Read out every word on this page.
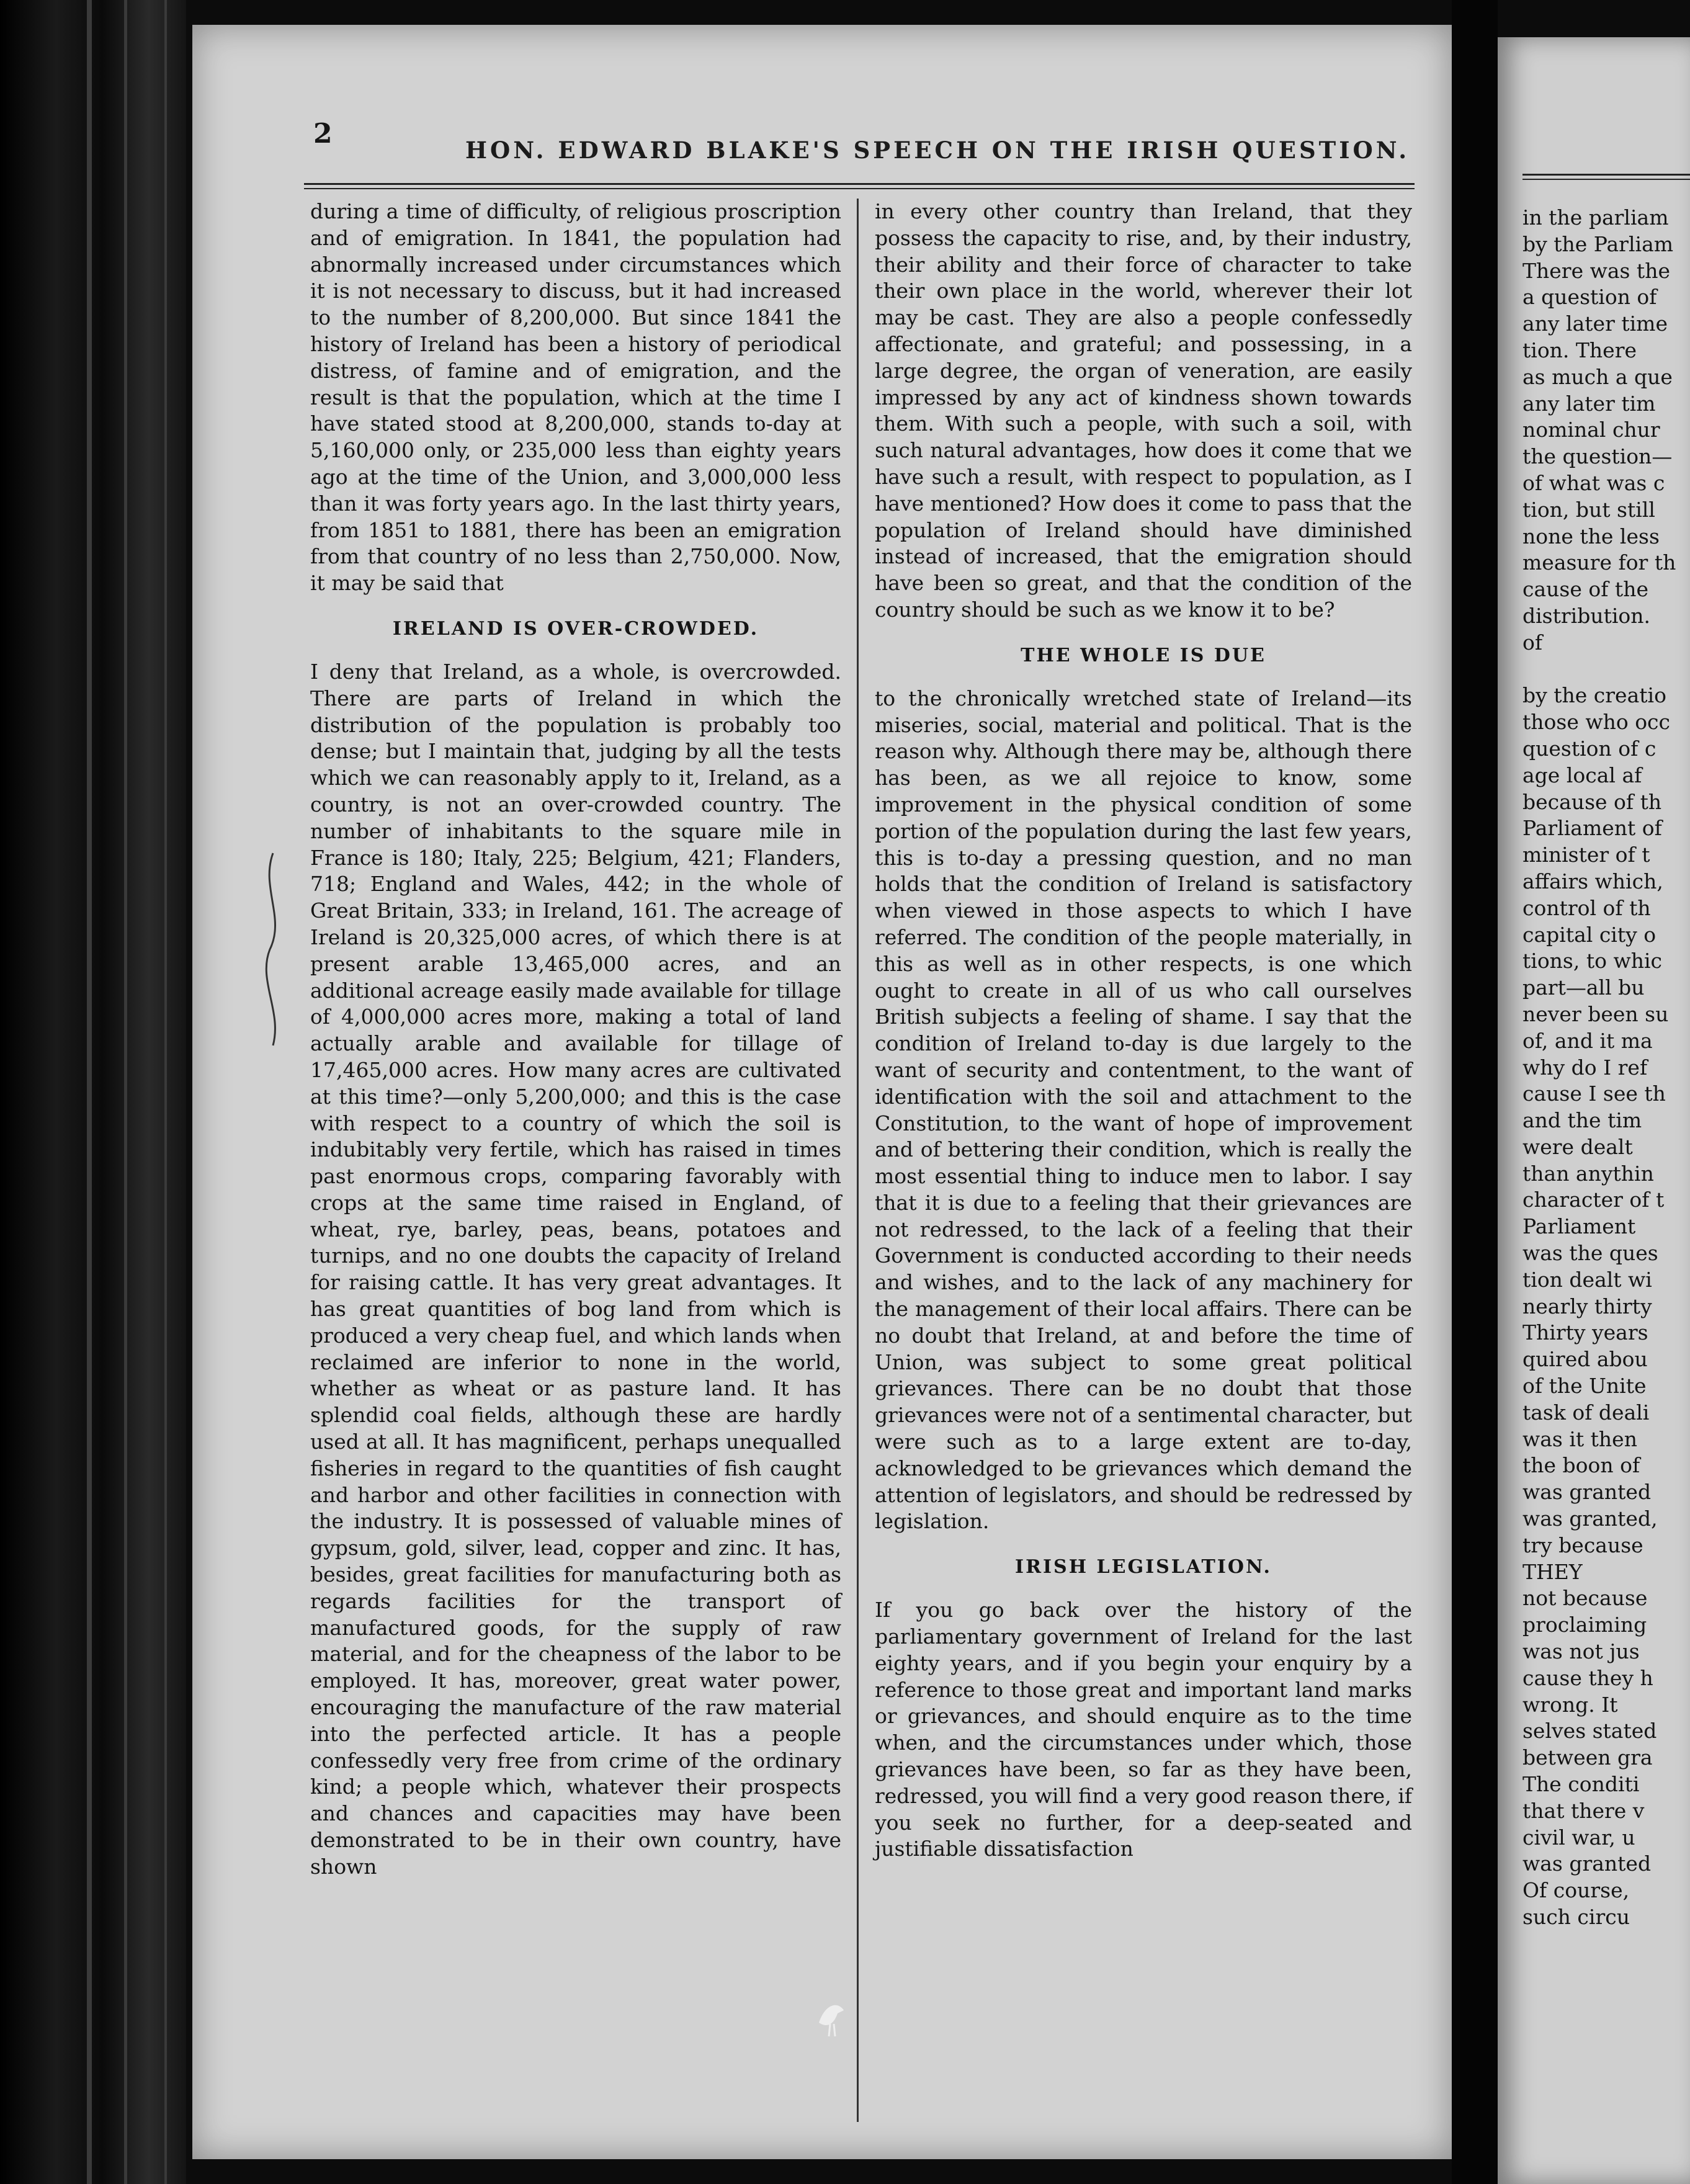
2
HON. EDWARD BLAKE'S SPEECH ON THE IRISH QUESTION.

during a time of difficulty, of religious proscription and of emigration. In 1841, the population had abnormally increased under circumstances which it is not necessary to discuss, but it had increased to the number of 8,200,000. But since 1841 the history of Ireland has been a history of periodical distress, of famine and of emigration, and the result is that the population, which at the time I have stated stood at 8,200,000, stands to-day at 5,160,000 only, or 235,000 less than eighty years ago at the time of the Union, and 3,000,000 less than it was forty years ago. In the last thirty years, from 1851 to 1881, there has been an emigration from that country of no less than 2,750,000. Now, it may be said that

IRELAND IS OVER-CROWDED.

I deny that Ireland, as a whole, is overcrowded. There are parts of Ireland in which the distribution of the population is probably too dense; but I maintain that, judging by all the tests which we can reasonably apply to it, Ireland, as a country, is not an over-crowded country. The number of inhabitants to the square mile in France is 180; Italy, 225; Belgium, 421; Flanders, 718; England and Wales, 442; in the whole of Great Britain, 333; in Ireland, 161. The acreage of Ireland is 20,325,000 acres, of which there is at present arable 13,465,000 acres, and an additional acreage easily made available for tillage of 4,000,000 acres more, making a total of land actually arable and available for tillage of 17,465,000 acres. How many acres are cultivated at this time?—only 5,200,000; and this is the case with respect to a country of which the soil is indubitably very fertile, which has raised in times past enormous crops, comparing favorably with crops at the same time raised in England, of wheat, rye, barley, peas, beans, potatoes and turnips, and no one doubts the capacity of Ireland for raising cattle. It has very great advantages. It has great quantities of bog land from which is produced a very cheap fuel, and which lands when reclaimed are inferior to none in the world, whether as wheat or as pasture land. It has splendid coal fields, although these are hardly used at all. It has magnificent, perhaps unequalled fisheries in regard to the quantities of fish caught and harbor and other facilities in connection with the industry. It is possessed of valuable mines of gypsum, gold, silver, lead, copper and zinc. It has, besides, great facilities for manufacturing both as regards facilities for the transport of manufactured goods, for the supply of raw material, and for the cheapness of the labor to be employed. It has, moreover, great water power, encouraging the manufacture of the raw material into the perfected article. It has a people confessedly very free from crime of the ordinary kind; a people which, whatever their prospects and chances and capacities may have been demonstrated to be in their own country, have shown

in every other country than Ireland, that they possess the capacity to rise, and, by their industry, their ability and their force of character to take their own place in the world, wherever their lot may be cast. They are also a people confessedly affectionate, and grateful; and possessing, in a large degree, the organ of veneration, are easily impressed by any act of kindness shown towards them. With such a people, with such a soil, with such natural advantages, how does it come that we have such a result, with respect to population, as I have mentioned? How does it come to pass that the population of Ireland should have diminished instead of increased, that the emigration should have been so great, and that the condition of the country should be such as we know it to be?

THE WHOLE IS DUE

to the chronically wretched state of Ireland—its miseries, social, material and political. That is the reason why. Although there may be, although there has been, as we all rejoice to know, some improvement in the physical condition of some portion of the population during the last few years, this is to-day a pressing question, and no man holds that the condition of Ireland is satisfactory when viewed in those aspects to which I have referred. The condition of the people materially, in this as well as in other respects, is one which ought to create in all of us who call ourselves British subjects a feeling of shame. I say that the condition of Ireland to-day is due largely to the want of security and contentment, to the want of identification with the soil and attachment to the Constitution, to the want of hope of improvement and of bettering their condition, which is really the most essential thing to induce men to labor. I say that it is due to a feeling that their grievances are not redressed, to the lack of a feeling that their Government is conducted according to their needs and wishes, and to the lack of any machinery for the management of their local affairs. There can be no doubt that Ireland, at and before the time of Union, was subject to some great political grievances. There can be no doubt that those grievances were not of a sentimental character, but were such as to a large extent are to-day, acknowledged to be grievances which demand the attention of legislators, and should be redressed by legislation.

IRISH LEGISLATION.

If you go back over the history of the parliamentary government of Ireland for the last eighty years, and if you begin your enquiry by a reference to those great and important land marks or grievances, and should enquire as to the time when, and the circumstances under which, those grievances have been, so far as they have been, redressed, you will find a very good reason there, if you seek no further, for a deep-seated and justifiable dissatisfaction

in the parliam
by the Parliam
There was the
a question of
any later time
tion. There
as much a que
any later tim
nominal chur
the question—
of what was c
tion, but still
none the less
measure for th
cause of the
distribution.
of

by the creatio
those who occ
question of c
age local af
because of th
Parliament of
minister of t
affairs which,
control of th
capital city o
tions, to whic
part—all bu
never been su
of, and it ma
why do I ref
cause I see th
and the tim
were dealt
than anythin
character of t
Parliament
was the ques
tion dealt wi
nearly thirty
Thirty years
quired abou
of the Unite
task of deali
was it then
the boon of
was granted
was granted,
try because
THEY
not because
proclaiming
was not jus
cause they h
wrong. It
selves stated
between gra
The conditi
that there v
civil war, u
was granted
Of course,
such circu
